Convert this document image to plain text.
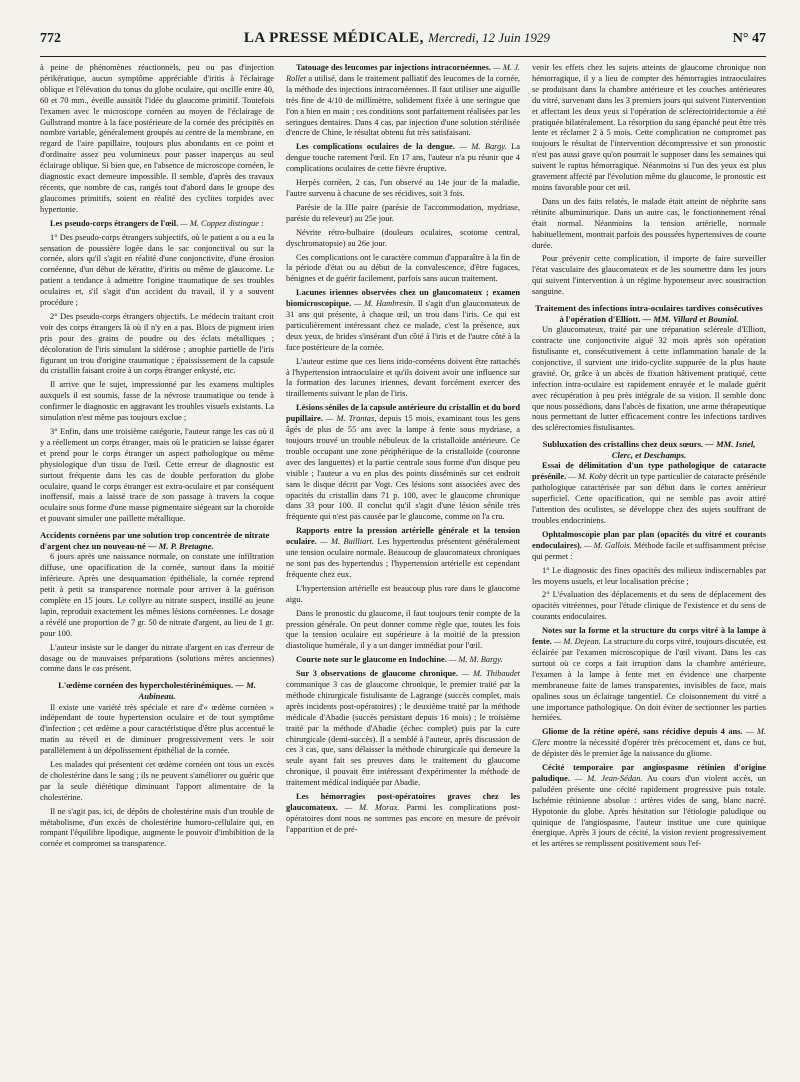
772	LA PRESSE MÉDICALE, Mercredi, 12 Juin 1929	N° 47

à peine de phénomènes réactionnels, peu ou pas d'injection périkératique, aucun symptôme appréciable d'iritis à l'éclairage oblique et l'élévation du tonus du globe oculaire, qui oscille entre 40, 60 et 70 mm., éveille aussitôt l'idée du glaucome primitif. Toutefois l'examen avec le microscope cornéen au moyen de l'éclairage de Gullstrand montre à la face postérieure de la cornée des précipités en nombre variable, généralement groupés au centre de la membrane, en regard de l'aire papillaire, toujours plus abondants en ce point et d'ordinaire assez peu volumineux pour passer inaperçus au seul éclairage oblique. Si bien que, en l'absence de microscope cornéen, le diagnostic exact demeure impossible. Il semble, d'après des travaux récents, que nombre de cas, rangés tout d'abord dans le groupe des glaucomes primitifs, soient en réalité des cyclites torpides avec hypertonie.

Les pseudo-corps étrangers de l'œil. — M. Coppez distingue :

1° Des pseudo-corps étrangers subjectifs, où le patient a ou a eu la sensation de poussière logée dans le sac conjonctival ou sur la cornée, alors qu'il s'agit en réalité d'une conjonctivite, d'une érosion cornéenne, d'un début de kératite, d'iritis ou même de glaucome. Le patient a tendance à admettre l'origine traumatique de ses troubles oculaires et, s'il s'agit d'un accident du travail, il y a souvent procédure ;

2° Des pseudo-corps étrangers objectifs. Le médecin traitant croit voir des corps étrangers là où il n'y en a pas. Blocs de pigment irien pris pour des grains de poudre ou des éclats métalliques ; décoloration de l'iris simulant la sidérose ; atrophie partielle de l'iris figurant un trou d'origine traumatique ; épaississement de la capsule du cristallin faisant croire à un corps étranger enkysté, etc.

Il arrive que le sujet, impressionné par les examens multiples auxquels il est soumis, fasse de la névrose traumatique ou tende à confirmer le diagnostic en aggravant les troubles visuels existants. La simulation n'est même pas toujours exclue ;

3° Enfin, dans une troisième catégorie, l'auteur range les cas où il y a réellement un corps étranger, mais où le praticien se laisse égarer et prend pour le corps étranger un aspect pathologique ou même physiologique d'un tissu de l'œil. Cette erreur de diagnostic est surtout fréquente dans les cas de double perforation du globe oculaire, quand le corps étranger est extra-oculaire et par conséquent inoffensif, mais a laissé trace de son passage à travers la coque oculaire sous forme d'une masse pigmentaire siégeant sur la choroïde et pouvant simuler une paillette métallique.

Accidents cornéens par une solution trop concentrée de nitrate d'argent chez un nouveau-né — M. P. Bretagne.

6 jours après une naissance normale, on constate une infiltration diffuse, une opacification de la cornée, surtout dans la moitié inférieure. Après une desquamation épithéliale, la cornée reprend petit à petit sa transparence normale pour arriver à la guérison complète en 15 jours. Le collyre au nitrate suspect, instillé au jeune lapin, reproduit exactement les mêmes lésions cornéennes. Le dosage a révélé une proportion de 7 gr. 50 de nitrate d'argent, au lieu de 1 gr. pour 100.

L'auteur insiste sur le danger du nitrate d'argent en cas d'erreur de dosage ou de mauvaises préparations (solutions mères anciennes) comme dans le cas présent.

L'œdème cornéen des hypercholestérinémiques. — M. Aubineau.

Il existe une variété très spéciale et rare d'« œdème cornéen » indépendant de toute hypertension oculaire et de tout symptôme d'infection ; cet œdème a pour caractéristique d'être plus accentué le matin au réveil et de diminuer progressivement vers le soir parallèlement à un dépolissement épithélial de la cornée.

Les malades qui présentent cet œdème cornéen ont tous un excès de cholestérine dans le sang ; ils ne peuvent s'améliorer ou guérir que par la seule diététique diminuant l'apport alimentaire de la cholestérine.

Il ne s'agit pas, ici, de dépôts de cholestérine mais d'un trouble de métabolisme, d'un excès de cholestérine humoro-cellulaire qui, en rompant l'équilibre lipodique, augmente le pouvoir d'imbibition de la cornée et compromet sa transparence.

Tatouage des leucomes par injections intracornéennes. — M. J. Rollet a utilisé, dans le traitement palliatif des leucomes de la cornée, la méthode des injections intracornéennes. Il faut utiliser une aiguille très fine de 4/10 de millimètre, solidement fixée à une seringue que l'on a bien en main ; ces conditions sont parfaitement réalisées par les seringues dentaires. Dans 4 cas, par injection d'une solution stérilisée d'encre de Chine, le résultat obtenu fut très satisfaisant.

Les complications oculaires de la dengue. — M. Bargy. La dengue touche rarement l'œil. En 17 ans, l'auteur n'a pu réunir que 4 complications oculaires de cette fièvre éruptive.

Herpès cornéen, 2 cas, l'un observé au 14e jour de la maladie, l'autre survenu à chacune de ses récidives, soit 3 fois.

Parésie de la IIIe paire (parésie de l'accommodation, mydriase, parésie du releveur) au 25e jour.

Névrite rétro-bulbaire (douleurs oculaires, scotome central, dyschromatopsie) au 26e jour.

Ces complications ont le caractère commun d'apparaître à la fin de la période d'état ou au début de la convalescence, d'être fugaces, bénignes et de guérir facilement, parfois sans aucun traitement.

Lacunes iriennes observées chez un glaucomateux ; examen biomicroscopique. — M. Hambresin. Il s'agit d'un glaucomateux de 31 ans qui présente, à chaque œil, un trou dans l'iris. Ce qui est particulièrement intéressant chez ce malade, c'est la présence, aux deux yeux, de brides s'insérant d'un côté à l'iris et de l'autre côté à la face postérieure de la cornée.

L'auteur estime que ces liens irido-cornéens doivent être rattachés à l'hypertension intraoculaire et qu'ils doivent avoir une influence sur la formation des lacunes iriennes, devant forcément exercer des tiraillements suivant le plan de l'iris.

Lésions séniles de la capsule antérieure du cristallin et du bord pupillaire. — M. Trantas, depuis 15 mois, examinant tous les gens âgés de plus de 55 ans avec la lampe à fente sous mydriase, a toujours trouvé un trouble nébuleux de la cristalloïde antérieure. Ce trouble occupant une zone périphérique de la cristalloïde (couronne avec des languettes) et la partie centrale sous forme d'un disque peu visible ; l'auteur a vu en plus des points disséminés sur cet endroit sans le disque décrit par Vogt. Ces lésions sont associées avec des opacités du cristallin dans 71 p. 100, avec le glaucome chronique dans 33 pour 100. Il conclut qu'il s'agit d'une lésion sénile très fréquente qui n'est pas causée par le glaucome, comme on l'a cru.

Rapports entre la pression artérielle générale et la tension oculaire. — M. Bailliart. Les hypertendus présentent généralement une tension oculaire normale. Beaucoup de glaucomateux chroniques ne sont pas des hypertendus ; l'hypertension artérielle est cependant fréquente chez eux.

L'hypertension artérielle est beaucoup plus rare dans le glaucome aigu.

Dans le pronostic du glaucome, il faut toujours tenir compte de la pression générale. On peut donner comme règle que, toutes les fois que la tension oculaire est supérieure à la moitié de la pression diastolique humérale, il y a un danger immédiat pour l'œil.

Courte note sur le glaucome en Indochine. — M. M. Bargy.

Sur 3 observations de glaucome chronique. — M. Thibaudet communique 3 cas de glaucome chronique, le premier traité par la méthode chirurgicale fistulisante de Lagrange (succès complet, mais après incidents post-opératoires) ; le deuxième traité par la méthode médicale d'Abadie (succès persistant depuis 16 mois) ; le troisième traité par la méthode d'Abadie (échec complet) puis par la cure chirurgicale (demi-succès). Il a semblé à l'auteur, après discussion de ces 3 cas, que, sans délaisser la méthode chirurgicale qui demeure la seule ayant fait ses preuves dans le traitement du glaucome chronique, il pouvait être intéressant d'expérimenter la méthode de traitement médical indiquée par Abadie.

Les hémorragies post-opératoires graves chez les glaucomateux. — M. Morax. Parmi les complications post-opératoires dont nous ne sommes pas encore en mesure de prévoir l'apparition et de pré-

venir les effets chez les sujets atteints de glaucome chronique non hémorragique, il y a lieu de compter des hémorragies intraoculaires se produisant dans la chambre antérieure et les couches antérieures du vitré, survenant dans les 3 premiers jours qui suivent l'intervention et affectant les deux yeux si l'opération de sclérectoiridectomie a été pratiquée bilatéralement. La résorption du sang épanché peut être très lente et réclamer 2 à 5 mois. Cette complication ne compromet pas toujours le résultat de l'intervention décompressive et son pronostic n'est pas aussi grave qu'on pourrait le supposer dans les semaines qui suivent le raptus hémorragique. Néanmoins si l'un des yeux est plus gravement affecté par l'évolution même du glaucome, le pronostic est moins favorable pour cet œil.

Dans un des faits relatés, le malade était atteint de néphrite sans rétinite albuminurique. Dans un autre cas, le fonctionnement rénal était normal. Néanmoins la tension artérielle, normale habituellement, montrait parfois des poussées hypertensives de courte durée.

Pour prévenir cette complication, il importe de faire surveiller l'état vasculaire des glaucomateux et de les soumettre dans les jours qui suivent l'intervention à un régime hypotenseur avec soustraction sanguine.

Traitement des infections intra-oculaires tardives consécutives à l'opération d'Elliott. — MM. Villard et Bouniol.

Un glaucomateux, traité par une trépanation scléreale d'Elliott, contracte une conjonctivite aiguë 32 mois après son opération fistulisante et, consécutivement à cette inflammation banale de la conjonctive, il survient une irido-cyclite suppurée de la plus haute gravité. Or, grâce à un abcès de fixation hâtivement pratiqué, cette infection intra-oculaire est rapidement enrayée et le malade guérit avec récupération à peu près intégrale de sa vision. Il semble donc que nous possédions, dans l'abcès de fixation, une arme thérapeutique nous permettant de lutter efficacement contre les infections tardives des sclérectomies fistulisantes.

Subluxation des cristallins chez deux sœurs. — MM. Isnel, Clerc, et Deschamps.

Essai de délimitation d'un type pathologique de cataracte présénile. — M. Koby décrit un type particulier de cataracte présénile pathologique caractérisée par son début dans le cortex antérieur superficiel. Cette opacification, qui ne semble pas avoir attiré l'attention des oculistes, se développe chez des sujets souffrant de troubles endocriniens.

Ophtalmoscopie plan par plan (opacités du vitré et courants endoculaires). — M. Gallois. Méthode facile et suffisamment précise qui permet :

1° Le diagnostic des fines opacités des milieux indiscernables par les moyens usuels, et leur localisation précise ;

2° L'évaluation des déplacements et du sens de déplacement des opacités vitréennes, pour l'étude clinique de l'existence et du sens de courants endoculaires.

Notes sur la forme et la structure du corps vitré à la lampe à fente. — M. Dejean. La structure du corps vitré, toujours discutée, est éclairée par l'examen microscopique de l'œil vivant. Dans les cas surtout où ce corps a fait irruption dans la chambre antérieure, l'examen à la lampe à fente met en évidence une charpente membraneuse faite de lames transparentes, invisibles de face, mais opalines sous un éclairage tangentiel. Ce cloisonnement du vitré a une importance pathologique. On doit éviter de sectionner les parties herniées.

Gliome de la rétine opéré, sans récidive depuis 4 ans. — M. Clerc montre la nécessité d'opérer très précocement et, dans ce but, de dépister dès le premier âge la naissance du gliome.

Cécité temporaire par angiospasme rétinien d'origine paludique. — M. Jean-Sédan. Au cours d'un violent accès, un paludéen présente une cécité rapidement progressive puis totale. Ischémie rétinienne absolue : artères vides de sang, blanc nacré. Hypotonie du globe. Après hésitation sur l'étiologie paludique ou quinique de l'angiospasme, l'auteur institue une cure quinique énergique. Après 3 jours de cécité, la vision revient progressivement et les artères se remplissent positivement sous l'ef-
